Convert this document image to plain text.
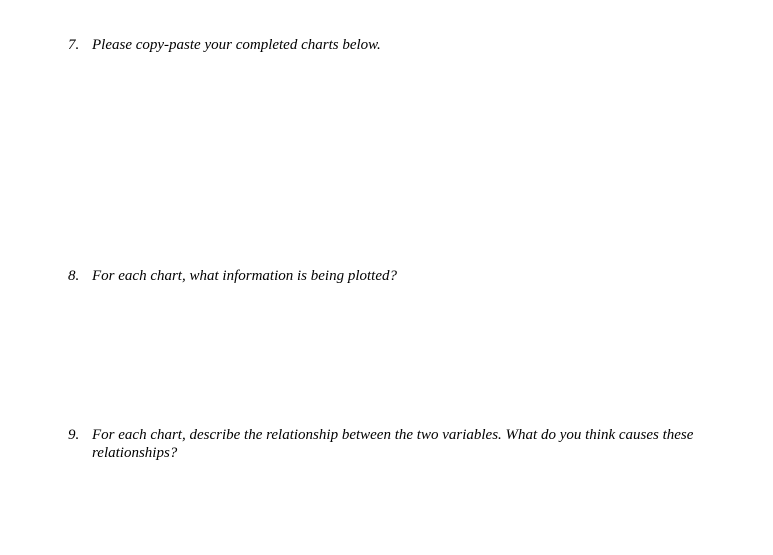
7. Please copy-paste your completed charts below.
8. For each chart, what information is being plotted?
9. For each chart, describe the relationship between the two variables. What do you think causes these relationships?
